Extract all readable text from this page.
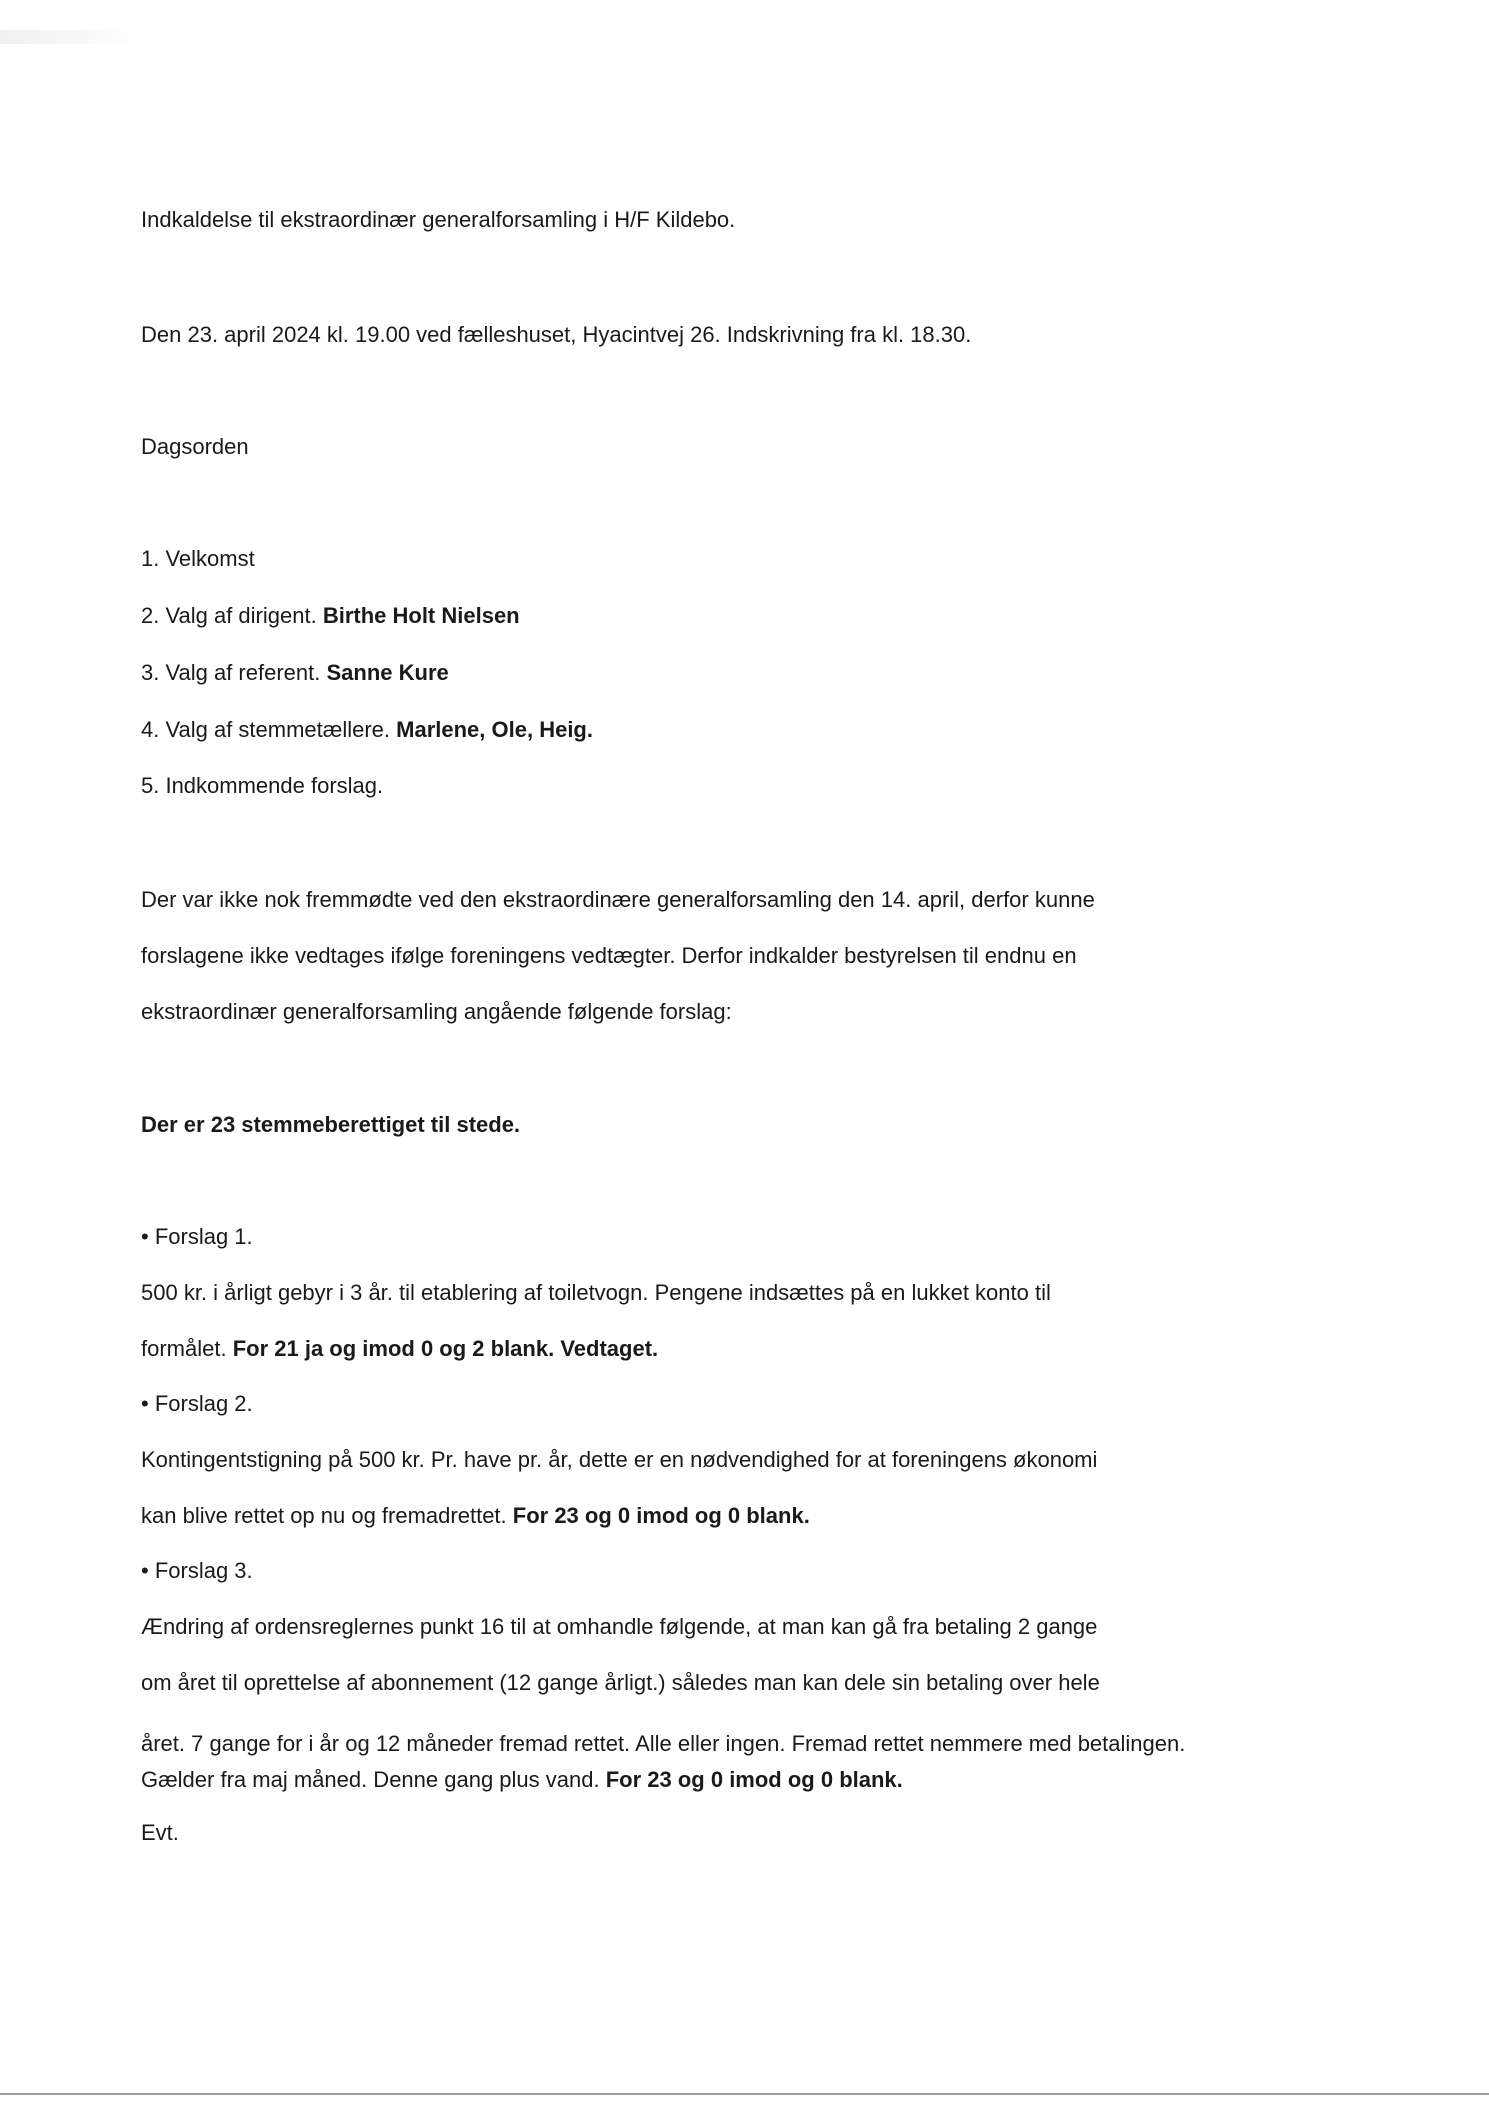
Indkaldelse til ekstraordinær generalforsamling i H/F Kildebo.
Den 23. april 2024 kl. 19.00 ved fælleshuset, Hyacintvej 26. Indskrivning fra kl. 18.30.
Dagsorden
1. Velkomst
2. Valg af dirigent. Birthe Holt Nielsen
3. Valg af referent. Sanne Kure
4. Valg af stemmetællere. Marlene, Ole, Heig.
5. Indkommende forslag.
Der var ikke nok fremmødte ved den ekstraordinære generalforsamling den 14. april, derfor kunne
forslagene ikke vedtages ifølge foreningens vedtægter. Derfor indkalder bestyrelsen til endnu en
ekstraordinær generalforsamling angående følgende forslag:
Der er 23 stemmeberettiget til stede.
• Forslag 1.
500 kr. i årligt gebyr i 3 år. til etablering af toiletvogn. Pengene indsættes på en lukket konto til
formålet. For 21 ja og imod 0 og 2 blank. Vedtaget.
• Forslag 2.
Kontingentstigning på 500 kr. Pr. have pr. år, dette er en nødvendighed for at foreningens økonomi
kan blive rettet op nu og fremadrettet. For 23 og 0 imod og 0 blank.
• Forslag 3.
Ændring af ordensreglernes punkt 16 til at omhandle følgende, at man kan gå fra betaling 2 gange
om året til oprettelse af abonnement (12 gange årligt.) således man kan dele sin betaling over hele
året. 7 gange for i år og 12 måneder fremad rettet. Alle eller ingen. Fremad rettet nemmere med betalingen.
Gælder fra maj måned. Denne gang plus vand. For 23 og 0 imod og 0 blank.
Evt.
